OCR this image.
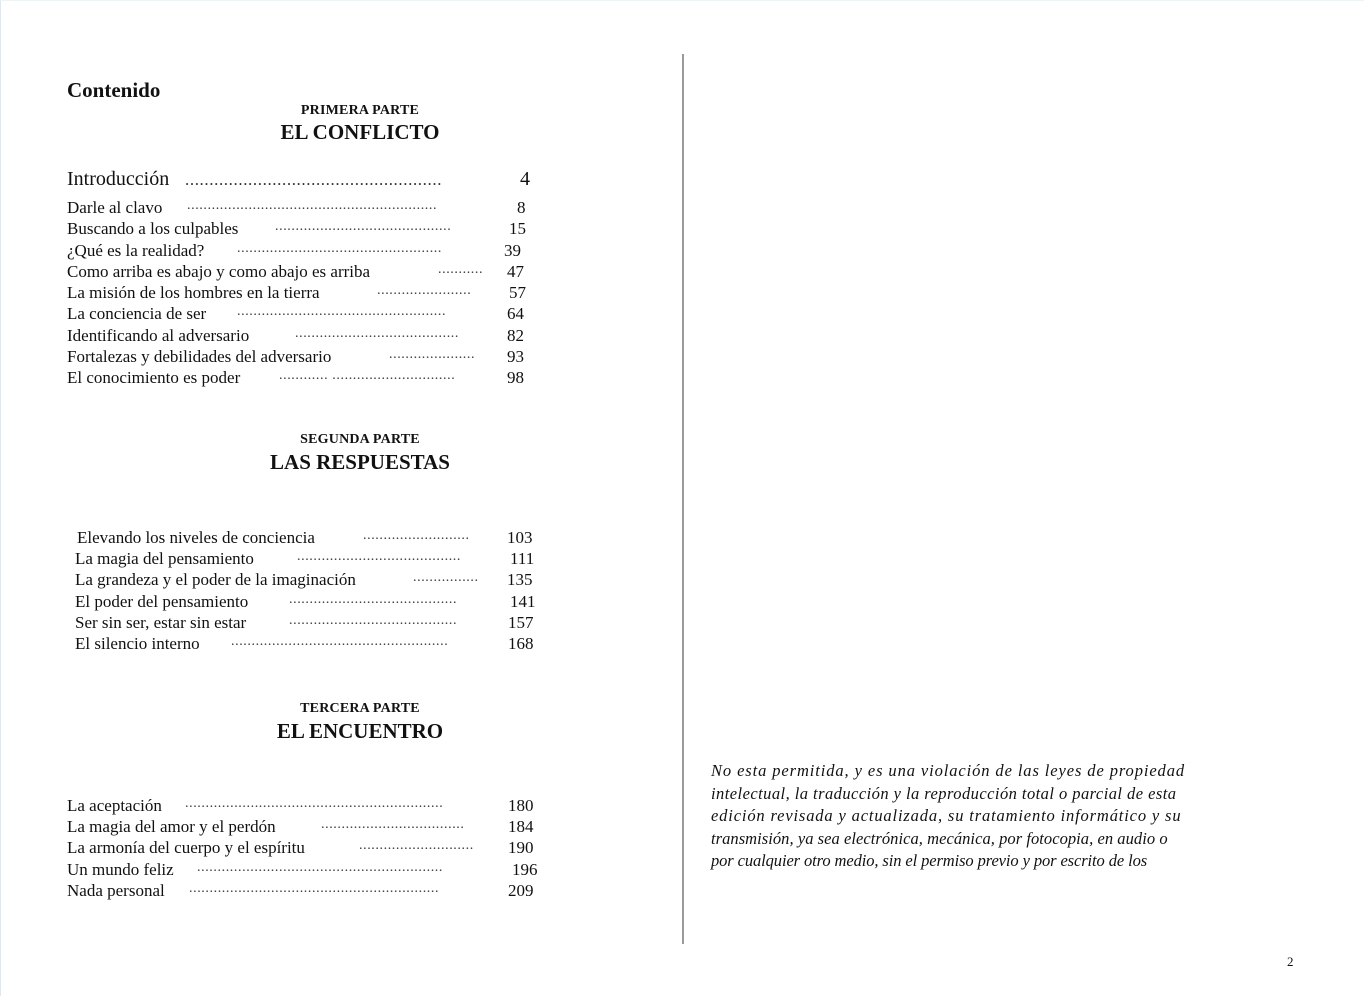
Contenido
PRIMERA PARTE
EL CONFLICTO
Introducción .....................................................	4
Darle al clavo .............................................................	8
Buscando a los culpables	...........................................	15
¿Qué es la realidad? ..................................................	39
Como arriba es abajo y como abajo es arriba	...........	47
La misión de los hombres en la tierra	.......................	57
La conciencia de ser ...................................................	64
Identificando al adversario	........................................	82
Fortalezas y debilidades del adversario	.....................	93
El conocimiento es poder	............ ..............................	98
SEGUNDA PARTE
LAS RESPUESTAS
Elevando los niveles de conciencia	..........................	103
La magia del pensamiento	........................................	111
La grandeza y el poder de la imaginación	................	135
El poder del pensamiento	.........................................	141
Ser sin ser, estar sin estar	.........................................	157
El silencio interno .....................................................	168
TERCERA PARTE
EL ENCUENTRO
La aceptación ...............................................................	180
La magia del amor y el perdón	...................................	184
La armonía del cuerpo y el espíritu	............................	190
Un mundo feliz ............................................................	196
Nada personal .............................................................	209

No esta permitida, y es una violación de las leyes de propiedad

intelectual, la traducción y la reproducción total o parcial de esta

edición revisada y actualizada, su tratamiento informático y su

transmisión, ya sea electrónica, mecánica, por fotocopia, en audio o

por cualquier otro medio, sin el permiso previo y por escrito de los

2
